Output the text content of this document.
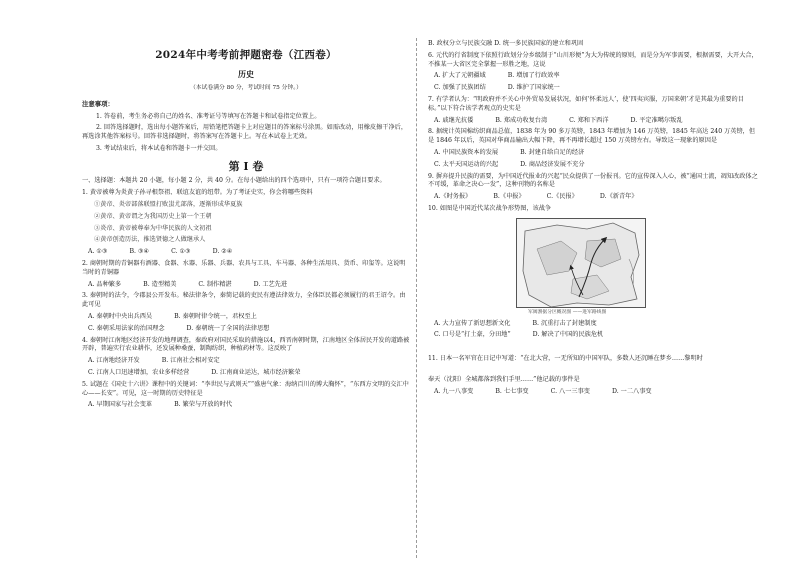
2024年中考考前押题密卷（江西卷）
历史
（本试卷满分 80 分，考试时间 75 分钟。）
注意事项：
1. 答卷前，考生务必将自己的姓名、准考证号等填写在答题卡和试卷指定位置上。
2. 回答选择题时，选出每小题答案后，用铅笔把答题卡上对应题目的答案标号涂黑。如需改动，用橡皮擦干净后，再选涂其他答案标号。回答非选择题时，将答案写在答题卡上。写在本试卷上无效。
3. 考试结束后，将本试卷和答题卡一并交回。
第 Ⅰ 卷
一、选择题：本题共 20 小题，每小题 2 分，共 40 分。在每小题给出的四个选项中，只有一项符合题目要求。
1. 黄帝被尊为炎黄子孙寻根祭祖、联谊友谊的纽带。为了考证史实，你会将哪些资料
①黄帝、炎帝部落联盟打败蚩尤部落，逐渐形成华夏族
②黄帝、黄帝谓之为我国历史上第一个王朝
③炎帝、黄帝被尊奉为中华民族的人文初祖
④黄帝创造历法，推选贤德之人做继承人
A. ①③	B. ③④	C. ①③	D. ②④
2. 商朝时期的青铜器有酒器、食器、水器、乐器、兵器、农具与工具、车马器、各种生活用具、货币、印玺等。这说明当时的青铜器
A. 品种繁多	B. 造型精美	C. 制作精湛	D. 工艺先进
3. 秦朝时的法令，令郡县公开发布。秘法律条令，秦简记载的吏民有遵法律效力，全体臣民都必须履行的君王诏令。由此可见
A. 秦朝时中央出兵西吴	B. 秦朝时律令统一，君权至上
C. 秦朝采用法家的治国理念	D. 秦朝统一了全国的法律思想
4. 秦朝时江南地区经济开发的地理调查，秦政府对国民采取的措施以4，西晋南朝时期，江南地区全体居民开发的道路被开辟，普遍实行农业耕作，还发展种桑蚕，制陶纺织，种植药材等。这反映了
A. 江南地经济开发	B. 江南社会相对安定
C. 江南人口迅速增加，农业多样经营	D. 江南商业运达，城市经济繁荣
5. 试题在《国史十六讲》课程中的关键词：“李世民与武则天”“盛唐气象：海纳百川的博大胸怀”，“东西方文明的交汇中心——长安”。可见，这一时期的历史特征是
A. 早期国家与社会变革	B. 繁荣与开放的时代
B. 政权分立与民族交融 D. 统一多民族国家的建立和巩固
6. 元代的行省制度下依照行政划分分乡级制于“山川形便”为大为传统的原则，而是分为军事需要，根据需要，大开大合，不推某一大省区完全掌握一形胜之地，这说
A. 扩大了元朝疆域	B. 增加了行政效率
C. 加强了民族团结	D. 维护了国家统一
7. 有学者认为：“明政府并不关心中外贸易发展状况，如何‘怀柔远人’，使‘四夷宾服，万国来朝’才是其最为重要的目标。”以下符合该学者观点的史实是
A. 戚继光抗倭	B. 郑成功收复台湾	C. 郑和下西洋	D. 平定准噶尔叛乱
8. 据统计英国棉纺织商品总值，1838 年为 90 多万英镑，1843 年增加为 146 万英镑，1845 年高达 240 万英镑，但是 1846 年以后，英国对华商品输出大幅下降，再不再增长超过 150 万英镑左右。导致这一现象的原因是
A. 中国民族资本的发展	B. 封建自给自足的经济
C. 太平天国运动的兴起	D. 商品经济发展不充分
9. 摒弃提升民族的需要，为中国近代报业的兴起“民众提供了一份报刊。它的宣传深入人心，被“通国士流，凋知改政体之不可缓，革命之决心一发”，这种刊物的名称是
A.《时务报》	B.《申报》	C.《民报》	D.《新青年》
10. 如图是中国近代某次战争形势图，该战争
军阀割据分区概况图 ——进军路线图
A. 大力宣传了新思想新文化	B. 沉重打击了封建制度
C. 口号是“打土豪，分田地”	D. 解决了中国的民族危机
11. 日本一名军官在日记中写道：“在北大营，一无所知的中国军队，多数人还沉睡在梦乡……黎明时
奉天（沈阳）全城都落到我们手里……”他记载的事件是
A. 九一八事变	B. 七七事变	C. 八一三事变	D. 一二八事变
